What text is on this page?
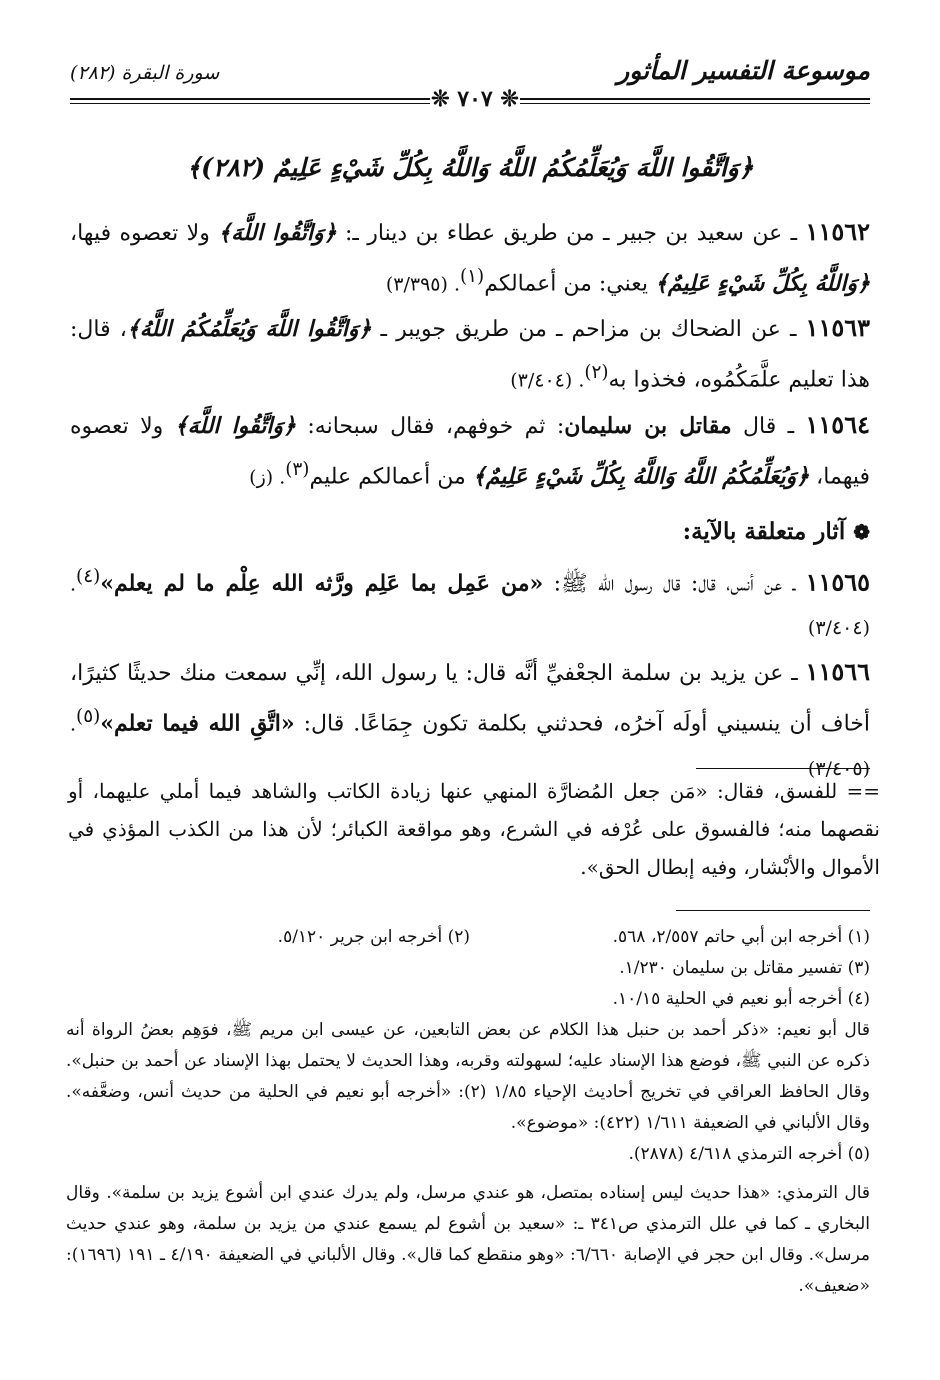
موسوعة التفسير المأثور
سورة البقرة (٢٨٢)
❊ ٧٠٧ ❊

﴿وَاتَّقُوا اللَّهَ وَيُعَلِّمُكُمُ اللَّهُ وَاللَّهُ بِكُلِّ شَيْءٍ عَلِيمٌ (٢٨٢)﴾

١١٥٦٢ ـ عن سعيد بن جبير ـ من طريق عطاء بن دينار ـ: ﴿وَاتَّقُوا اللَّهَ﴾ ولا تعصوه فيها، ﴿وَاللَّهُ بِكُلِّ شَيْءٍ عَلِيمٌ﴾ يعني: من أعمالكم$^{(١)}$. (٣/٣٩٥)

١١٥٦٣ ـ عن الضحاك بن مزاحم ـ من طريق جويبر ـ ﴿وَاتَّقُوا اللَّهَ وَيُعَلِّمُكُمُ اللَّهُ﴾، قال: هذا تعليم علَّمَكُمُوه، فخذوا به$^{(٢)}$. (٣/٤٠٤)

١١٥٦٤ ـ قال مقاتل بن سليمان: ثم خوفهم، فقال سبحانه: ﴿وَاتَّقُوا اللَّهَ﴾ ولا تعصوه فيهما، ﴿وَيُعَلِّمُكُمُ اللَّهُ وَاللَّهُ بِكُلِّ شَيْءٍ عَلِيمٌ﴾ من أعمالكم عليم$^{(٣)}$. (ز)

❁ آثار متعلقة بالآية:

١١٥٦٥ ـ عن أنس، قال: قال رسول الله ﷺ: «من عَمِل بما عَلِم ورَّثه الله عِلْم ما لم يعلم»$^{(٤)}$. (٣/٤٠٤)

١١٥٦٦ ـ عن يزيد بن سلمة الجعْفيِّ أنَّه قال: يا رسول الله، إنِّي سمعت منك حديثًا كثيرًا، أخاف أن ينسيني أولَه آخرُه، فحدثني بكلمة تكون جِمَاعًا. قال: «اتَّقِ الله فيما تعلم»$^{(٥)}$. (٣/٤٠٥)

== للفسق، فقال: «مَن جعل المُضارَّة المنهي عنها زيادة الكاتب والشاهد فيما أملي عليهما، أو نقصهما منه؛ فالفسوق على عُرْفه في الشرع، وهو مواقعة الكبائر؛ لأن هذا من الكذب المؤذي في الأموال والأبْشار، وفيه إبطال الحق».
(١) أخرجه ابن أبي حاتم ٢/٥٥٧، ٥٦٨.
(٢) أخرجه ابن جرير ٥/١٢٠.

(٣) تفسير مقاتل بن سليمان ١/٢٣٠.

(٤) أخرجه أبو نعيم في الحلية ١٠/١٥.

قال أبو نعيم: «ذكر أحمد بن حنبل هذا الكلام عن بعض التابعين، عن عيسى ابن مريم ﷺ، فوَهِم بعضُ الرواة أنه ذكره عن النبي ﷺ، فوضع هذا الإسناد عليه؛ لسهولته وقربه، وهذا الحديث لا يحتمل بهذا الإسناد عن أحمد بن حنبل». وقال الحافظ العراقي في تخريج أحاديث الإحياء ١/٨٥ (٢): «أخرجه أبو نعيم في الحلية من حديث أنس، وضعَّفه». وقال الألباني في الضعيفة ١/٦١١ (٤٢٢): «موضوع».

(٥) أخرجه الترمذي ٤/٦١٨ (٢٨٧٨).

قال الترمذي: «هذا حديث ليس إسناده بمتصل، هو عندي مرسل، ولم يدرك عندي ابن أشوع يزيد بن سلمة». وقال البخاري ـ كما في علل الترمذي ص٣٤١ ـ: «سعيد بن أشوع لم يسمع عندي من يزيد بن سلمة، وهو عندي حديث مرسل». وقال ابن حجر في الإصابة ٦/٦٦٠: «وهو منقطع كما قال». وقال الألباني في الضعيفة ٤/١٩٠ ـ ١٩١ (١٦٩٦): «ضعيف».
